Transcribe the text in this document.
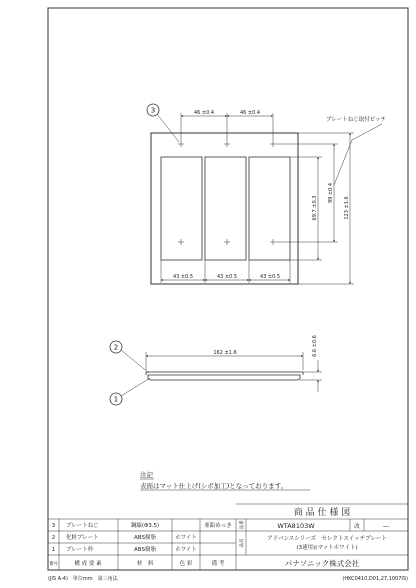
46 ±0.4	46 ±0.4
43 ±0.5	43 ±0.5	43 ±0.5
69.7 ±0.3
99 ±0.4
123 ±1.6
プレートねじ取付ピッチ
3
162 ±1.6	6.6 ±0.6
2
1
注記
表面はマット仕上げ(シボ加工)となっております。
3 プレートねじ	鋼線(Φ3.5)	亜鉛めっき
2 化粧プレート	ABS樹脂	ホワイト
1 プレート枠	ABS樹脂	ホワイト
番号	構 成 要 素	材　料	色 彩	備 考
商 品 仕 様 図
品番	WTA8103W	改	―
品名	アドバンスシリーズ　セレクトスイッチプレート
(3連用)(マットホワイト)
パナソニック株式会社
(JIS A-4)　単位mm　第三角法	(HKC0410,D01,27,1007IS)
